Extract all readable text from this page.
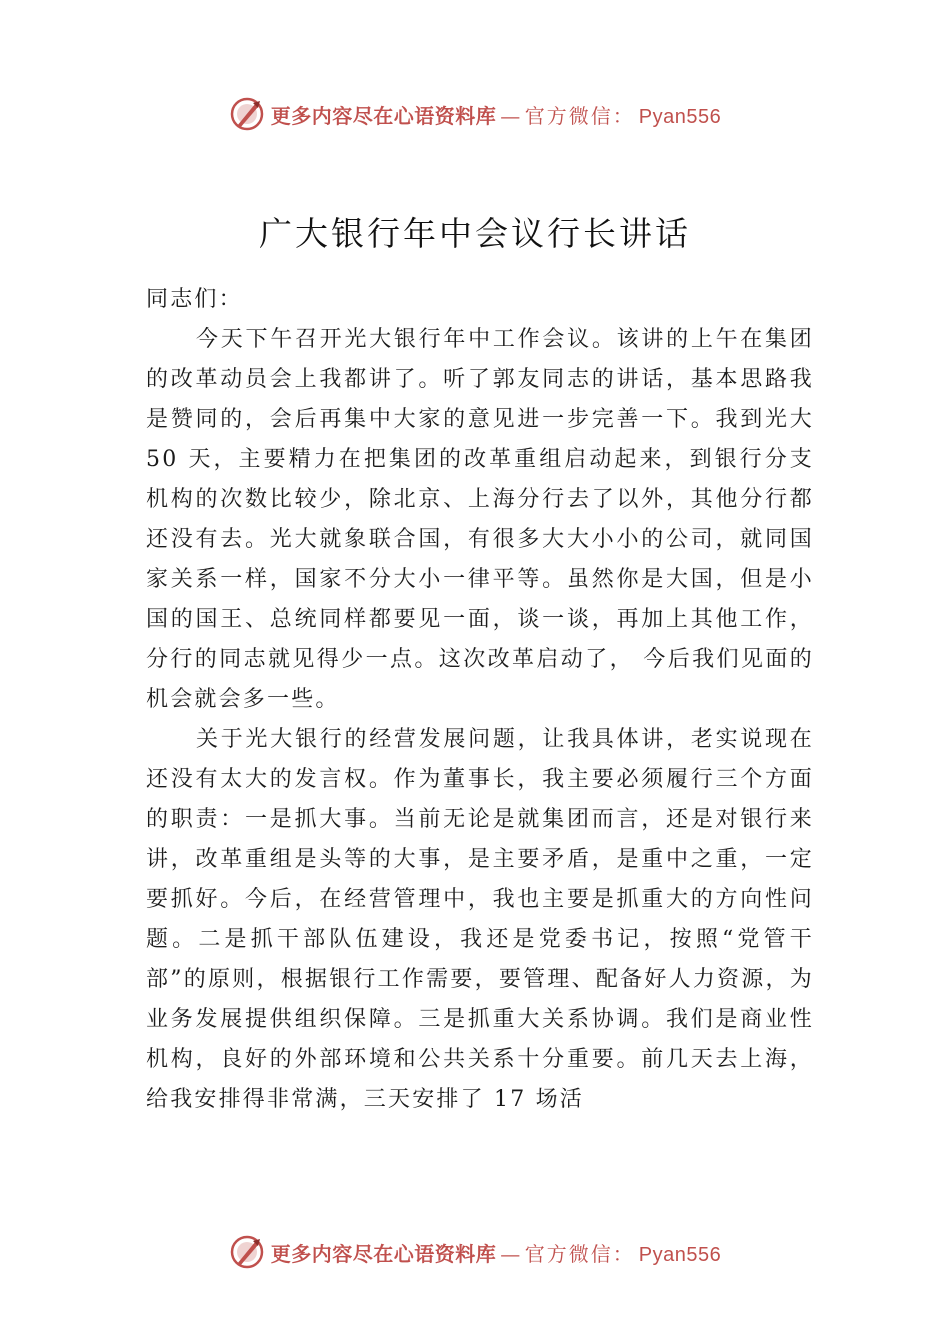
更多内容尽在心语资料库 — 官方微信： Pyan556
广大银行年中会议行长讲话

同志们：

今天下午召开光大银行年中工作会议。该讲的上午在集团的改革动员会上我都讲了。听了郭友同志的讲话，基本思路我是赞同的，会后再集中大家的意见进一步完善一下。我到光大 50 天，主要精力在把集团的改革重组启动起来，到银行分支机构的次数比较少，除北京、上海分行去了以外，其他分行都还没有去。光大就象联合国，有很多大大小小的公司，就同国家关系一样，国家不分大小一律平等。虽然你是大国，但是小国的国王、总统同样都要见一面，谈一谈，再加上其他工作，分行的同志就见得少一点。这次改革启动了， 今后我们见面的机会就会多一些。

关于光大银行的经营发展问题，让我具体讲，老实说现在还没有太大的发言权。作为董事长，我主要必须履行三个方面的职责：一是抓大事。当前无论是就集团而言，还是对银行来讲，改革重组是头等的大事，是主要矛盾，是重中之重，一定要抓好。今后，在经营管理中，我也主要是抓重大的方向性问题。二是抓干部队伍建设，我还是党委书记，按照“党管干部”的原则，根据银行工作需要，要管理、配备好人力资源，为业务发展提供组织保障。三是抓重大关系协调。我们是商业性机构，良好的外部环境和公共关系十分重要。前几天去上海，给我安排得非常满，三天安排了 17 场活

更多内容尽在心语资料库 — 官方微信： Pyan556
